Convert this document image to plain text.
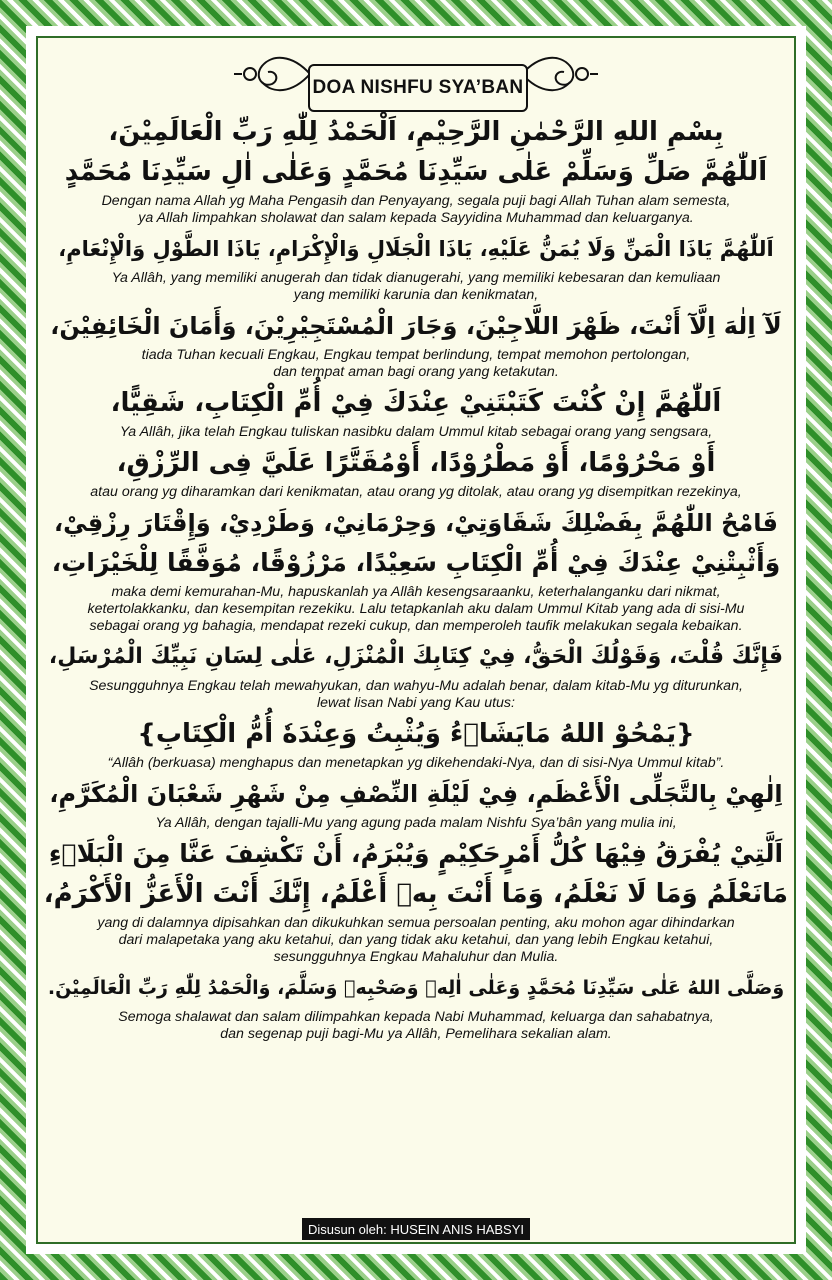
DOA NISHFU SYA’BAN
بِسْمِ اللهِ الرَّحْمٰنِ الرَّحِيْمِ، اَلْحَمْدُ لِلّٰهِ رَبِّ الْعَالَمِيْنَ،
اَللّٰهُمَّ صَلِّ وَسَلِّمْ عَلٰى سَيِّدِنَا مُحَمَّدٍ وَعَلٰى اٰلِ سَيِّدِنَا مُحَمَّدٍ
Dengan nama Allah yg Maha Pengasih dan Penyayang, segala puji bagi Allah Tuhan alam semesta,
ya Allah limpahkan sholawat dan salam kepada Sayyidina Muhammad dan keluarganya.
اَللّٰهُمَّ يَاذَا الْمَنِّ وَلَا يُمَنُّ عَلَيْهِ، يَاذَا الْجَلَالِ وَالْإِكْرَامِ، يَاذَا الطَّوْلِ وَالْإِنْعَامِ،
Ya Allâh, yang memiliki anugerah dan tidak dianugerahi, yang memiliki kebesaran dan kemuliaan
yang memiliki karunia dan kenikmatan,
لَآ اِلٰهَ اِلَّآ أَنْتَ، ظَهْرَ اللَّاجِيْنَ، وَجَارَ الْمُسْتَجِيْرِيْنَ، وَأَمَانَ الْخَائِفِيْنَ،
tiada Tuhan kecuali Engkau, Engkau tempat berlindung, tempat memohon pertolongan,
dan tempat aman bagi orang yang ketakutan.
اَللّٰهُمَّ إِنْ كُنْتَ كَتَبْتَنِيْ عِنْدَكَ فِيْ أُمِّ الْكِتَابِ، شَقِيًّا،
Ya Allâh, jika telah Engkau tuliskan nasibku dalam Ummul kitab sebagai orang yang sengsara,
أَوْ مَحْرُوْمًا، أَوْ مَطْرُوْدًا، أَوْمُقَتَّرًا عَلَيَّ فِى الرِّزْقِ،
atau orang yg diharamkan dari kenikmatan, atau orang yg ditolak, atau orang yg disempitkan rezekinya,
فَامْحُ اللّٰهُمَّ بِفَضْلِكَ شَقَاوَتِيْ، وَحِرْمَانِيْ، وَطَرْدِيْ، وَإِقْتَارَ رِزْقِيْ،
وَأَثْبِتْنِيْ عِنْدَكَ فِيْ أُمِّ الْكِتَابِ سَعِيْدًا، مَرْزُوْقًا، مُوَفَّقًا لِلْخَيْرَاتِ،
maka demi kemurahan-Mu, hapuskanlah ya Allâh kesengsaraanku, keterhalanganku dari nikmat,
ketertolakkanku, dan kesempitan rezekiku. Lalu tetapkanlah aku dalam Ummul Kitab yang ada di sisi-Mu
sebagai orang yg bahagia, mendapat rezeki cukup, dan memperoleh taufik melakukan segala kebaikan.
فَإِنَّكَ قُلْتَ، وَقَوْلُكَ الْحَقُّ، فِيْ كِتَابِكَ الْمُنْزَلِ، عَلٰى لِسَانِ نَبِيِّكَ الْمُرْسَلِ،
Sesungguhnya Engkau telah mewahyukan, dan wahyu-Mu adalah benar, dalam kitab-Mu yg diturunkan,
lewat lisan Nabi yang Kau utus:
{يَمْحُوْ اللهُ مَايَشَاۤءُ وَيُثْبِتُ وَعِنْدَهٗ أُمُّ الْكِتَابِ}
“Allâh (berkuasa) menghapus dan menetapkan yg dikehendaki-Nya, dan di sisi-Nya Ummul kitab”.
اِلٰهِيْ بِالتَّجَلِّى الْأَعْظَمِ، فِيْ لَيْلَةِ النِّصْفِ مِنْ شَهْرِ شَعْبَانَ الْمُكَرَّمِ،
Ya Allâh, dengan tajalli-Mu yang agung pada malam Nishfu Sya’bân yang mulia ini,
اَلَّتِيْ يُفْرَقُ فِيْهَا كُلُّ أَمْرٍحَكِيْمٍ وَيُبْرَمُ، أَنْ تَكْشِفَ عَنَّا مِنَ الْبَلَاۤءِ
مَانَعْلَمُ وَمَا لَا نَعْلَمُ، وَمَا أَنْتَ بِهٖ أَعْلَمُ، إِنَّكَ أَنْتَ الْأَعَزُّ الْأَكْرَمُ،
yang di dalamnya dipisahkan dan dikukuhkan semua persoalan penting, aku mohon agar dihindarkan
dari malapetaka yang aku ketahui, dan yang tidak aku ketahui, dan yang lebih Engkau ketahui,
sesungguhnya Engkau Mahaluhur dan Mulia.
وَصَلَّى اللهُ عَلٰى سَيِّدِنَا مُحَمَّدٍ وَعَلٰى اٰلِهٖ وَصَحْبِهٖ وَسَلَّمَ، وَالْحَمْدُ لِلّٰهِ رَبِّ الْعَالَمِيْنَ.
Semoga shalawat dan salam dilimpahkan kepada Nabi Muhammad, keluarga dan sahabatnya,
dan segenap puji bagi-Mu ya Allâh, Pemelihara sekalian alam.
Disusun oleh: HUSEIN ANIS HABSYI
